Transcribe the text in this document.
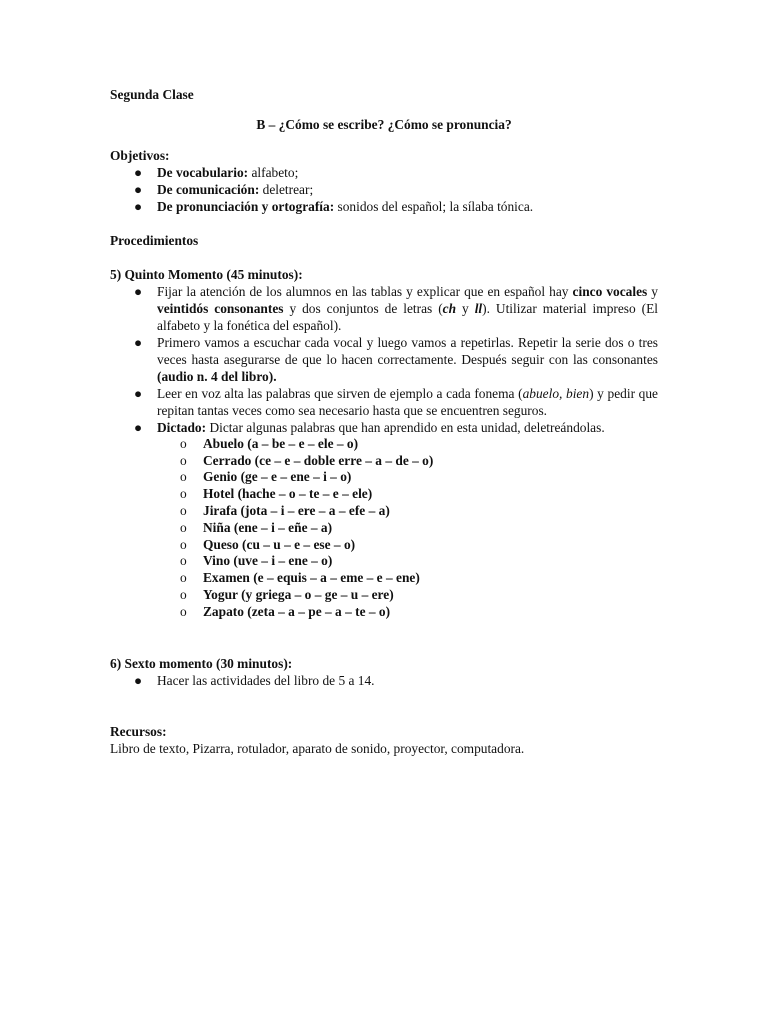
Segunda Clase

B – ¿Cómo se escribe? ¿Cómo se pronuncia?

Objetivos:

● De vocabulario: alfabeto;
● De comunicación: deletrear;
● De pronunciación y ortografía: sonidos del español; la sílaba tónica.

Procedimientos

5) Quinto Momento (45 minutos):

● Fijar la atención de los alumnos en las tablas y explicar que en español hay cinco vocales y veintidós consonantes y dos conjuntos de letras (ch y ll). Utilizar material impreso (El alfabeto y la fonética del español).
● Primero vamos a escuchar cada vocal y luego vamos a repetirlas. Repetir la serie dos o tres veces hasta asegurarse de que lo hacen correctamente. Después seguir con las consonantes (audio n. 4 del libro).
● Leer en voz alta las palabras que sirven de ejemplo a cada fonema (abuelo, bien) y pedir que repitan tantas veces como sea necesario hasta que se encuentren seguros.
● Dictado: Dictar algunas palabras que han aprendido en esta unidad, deletreándolas.
o Abuelo (a – be – e – ele – o)
o Cerrado (ce – e – doble erre – a – de – o)
o Genio (ge – e – ene – i – o)
o Hotel (hache – o – te – e – ele)
o Jirafa (jota – i – ere – a – efe – a)
o Niña (ene – i – eñe – a)
o Queso (cu – u – e – ese – o)
o Vino (uve – i – ene – o)
o Examen (e – equis – a – eme – e – ene)
o Yogur (y griega – o – ge – u – ere)
o Zapato (zeta – a – pe – a – te – o)

6) Sexto momento (30 minutos):

● Hacer las actividades del libro de 5 a 14.

Recursos:

Libro de texto, Pizarra, rotulador, aparato de sonido, proyector, computadora.
